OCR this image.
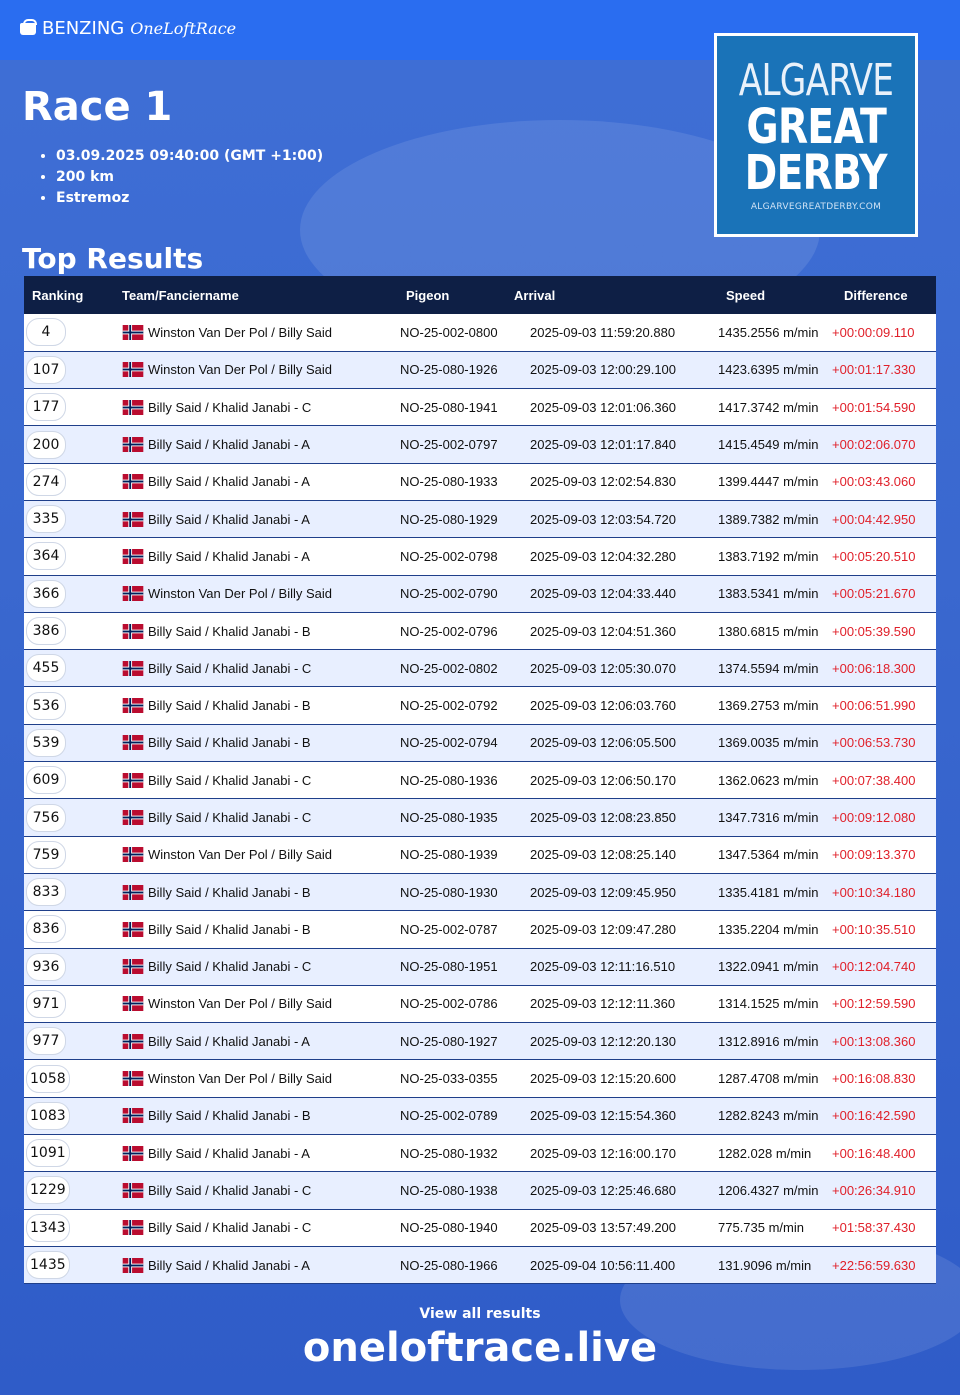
BENZING OneLoftRace
ALGARVE
GREAT
DERBY
ALGARVEGREATDERBY.COM
Race 1
• 03.09.2025 09:40:00 (GMT +1:00)
• 200 km
• Estremoz
Top Results
Ranking	Team/Fanciername	Pigeon	Arrival	Speed	Difference
4	Winston Van Der Pol / Billy Said	NO-25-002-0800	2025-09-03 11:59:20.880	1435.2556 m/min	+00:00:09.110
107	Winston Van Der Pol / Billy Said	NO-25-080-1926	2025-09-03 12:00:29.100	1423.6395 m/min	+00:01:17.330
177	Billy Said / Khalid Janabi - C	NO-25-080-1941	2025-09-03 12:01:06.360	1417.3742 m/min	+00:01:54.590
200	Billy Said / Khalid Janabi - A	NO-25-002-0797	2025-09-03 12:01:17.840	1415.4549 m/min	+00:02:06.070
274	Billy Said / Khalid Janabi - A	NO-25-080-1933	2025-09-03 12:02:54.830	1399.4447 m/min	+00:03:43.060
335	Billy Said / Khalid Janabi - A	NO-25-080-1929	2025-09-03 12:03:54.720	1389.7382 m/min	+00:04:42.950
364	Billy Said / Khalid Janabi - A	NO-25-002-0798	2025-09-03 12:04:32.280	1383.7192 m/min	+00:05:20.510
366	Winston Van Der Pol / Billy Said	NO-25-002-0790	2025-09-03 12:04:33.440	1383.5341 m/min	+00:05:21.670
386	Billy Said / Khalid Janabi - B	NO-25-002-0796	2025-09-03 12:04:51.360	1380.6815 m/min	+00:05:39.590
455	Billy Said / Khalid Janabi - C	NO-25-002-0802	2025-09-03 12:05:30.070	1374.5594 m/min	+00:06:18.300
536	Billy Said / Khalid Janabi - B	NO-25-002-0792	2025-09-03 12:06:03.760	1369.2753 m/min	+00:06:51.990
539	Billy Said / Khalid Janabi - B	NO-25-002-0794	2025-09-03 12:06:05.500	1369.0035 m/min	+00:06:53.730
609	Billy Said / Khalid Janabi - C	NO-25-080-1936	2025-09-03 12:06:50.170	1362.0623 m/min	+00:07:38.400
756	Billy Said / Khalid Janabi - C	NO-25-080-1935	2025-09-03 12:08:23.850	1347.7316 m/min	+00:09:12.080
759	Winston Van Der Pol / Billy Said	NO-25-080-1939	2025-09-03 12:08:25.140	1347.5364 m/min	+00:09:13.370
833	Billy Said / Khalid Janabi - B	NO-25-080-1930	2025-09-03 12:09:45.950	1335.4181 m/min	+00:10:34.180
836	Billy Said / Khalid Janabi - B	NO-25-002-0787	2025-09-03 12:09:47.280	1335.2204 m/min	+00:10:35.510
936	Billy Said / Khalid Janabi - C	NO-25-080-1951	2025-09-03 12:11:16.510	1322.0941 m/min	+00:12:04.740
971	Winston Van Der Pol / Billy Said	NO-25-002-0786	2025-09-03 12:12:11.360	1314.1525 m/min	+00:12:59.590
977	Billy Said / Khalid Janabi - A	NO-25-080-1927	2025-09-03 12:12:20.130	1312.8916 m/min	+00:13:08.360
1058	Winston Van Der Pol / Billy Said	NO-25-033-0355	2025-09-03 12:15:20.600	1287.4708 m/min	+00:16:08.830
1083	Billy Said / Khalid Janabi - B	NO-25-002-0789	2025-09-03 12:15:54.360	1282.8243 m/min	+00:16:42.590
1091	Billy Said / Khalid Janabi - A	NO-25-080-1932	2025-09-03 12:16:00.170	1282.028 m/min	+00:16:48.400
1229	Billy Said / Khalid Janabi - C	NO-25-080-1938	2025-09-03 12:25:46.680	1206.4327 m/min	+00:26:34.910
1343	Billy Said / Khalid Janabi - C	NO-25-080-1940	2025-09-03 13:57:49.200	775.735 m/min	+01:58:37.430
1435	Billy Said / Khalid Janabi - A	NO-25-080-1966	2025-09-04 10:56:11.400	131.9096 m/min	+22:56:59.630
View all results
oneloftrace.live
